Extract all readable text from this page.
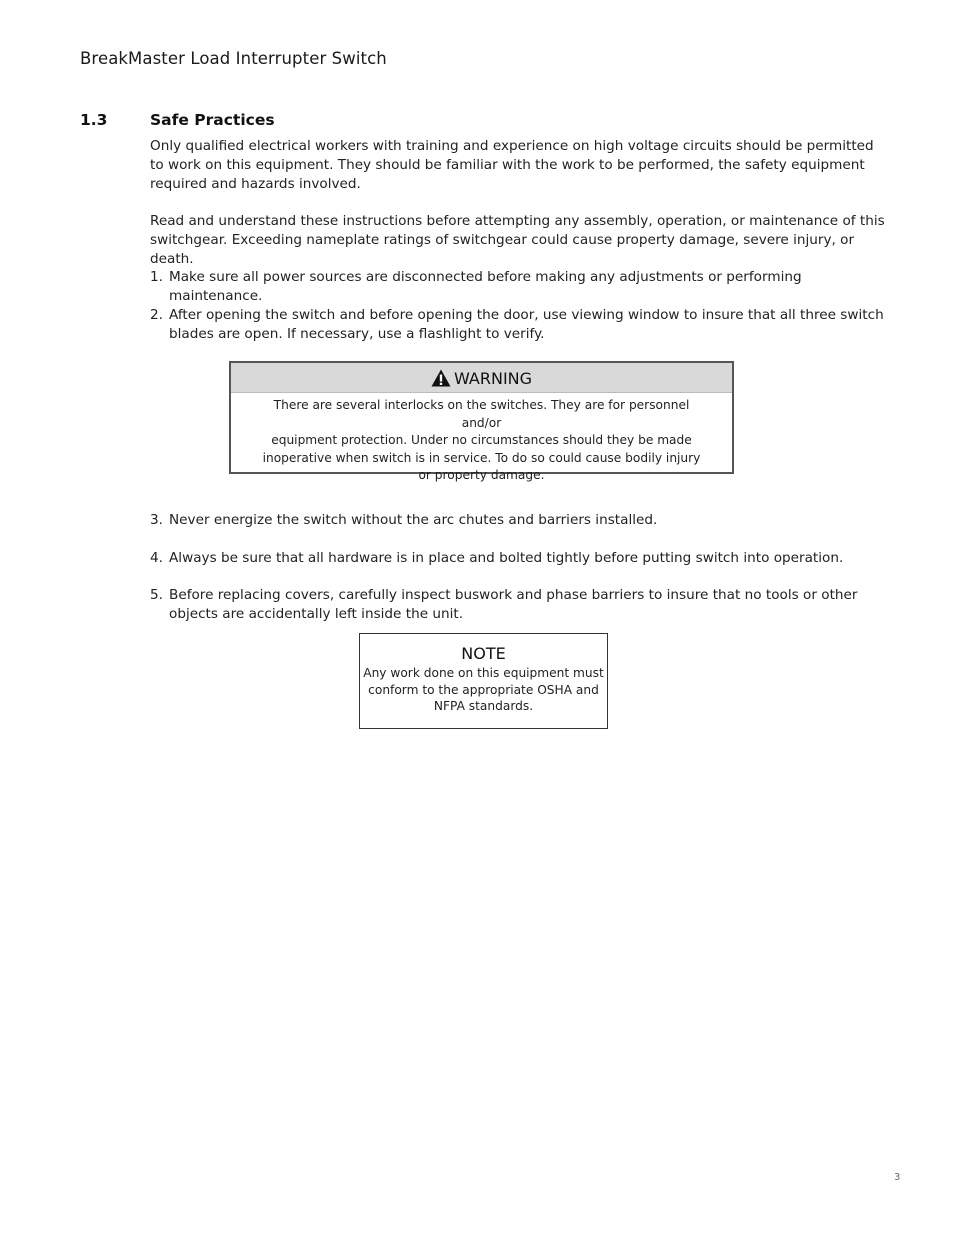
BreakMaster Load Interrupter Switch
1.3	Safe Practices
Only qualified electrical workers with training and experience on high voltage circuits should be permitted to work on this equipment. They should be familiar with the work to be performed, the safety equipment required and hazards involved.
Read and understand these instructions before attempting any assembly, operation, or maintenance of this switchgear. Exceeding nameplate ratings of switchgear could cause property damage, severe injury, or death.
1. Make sure all power sources are disconnected before making any adjustments or performing maintenance.
2. After opening the switch and before opening the door, use viewing window to insure that all three switch blades are open. If necessary, use a flashlight to verify.
WARNING
There are several interlocks on the switches. They are for personnel and/or
equipment protection. Under no circumstances should they be made
inoperative when switch is in service. To do so could cause bodily injury
or property damage.
3. Never energize the switch without the arc chutes and barriers installed.
4. Always be sure that all hardware is in place and bolted tightly before putting switch into operation.
5. Before replacing covers, carefully inspect buswork and phase barriers to insure that no tools or other objects are accidentally left inside the unit.
NOTE
Any work done on this equipment must
conform to the appropriate OSHA and
NFPA standards.
3
